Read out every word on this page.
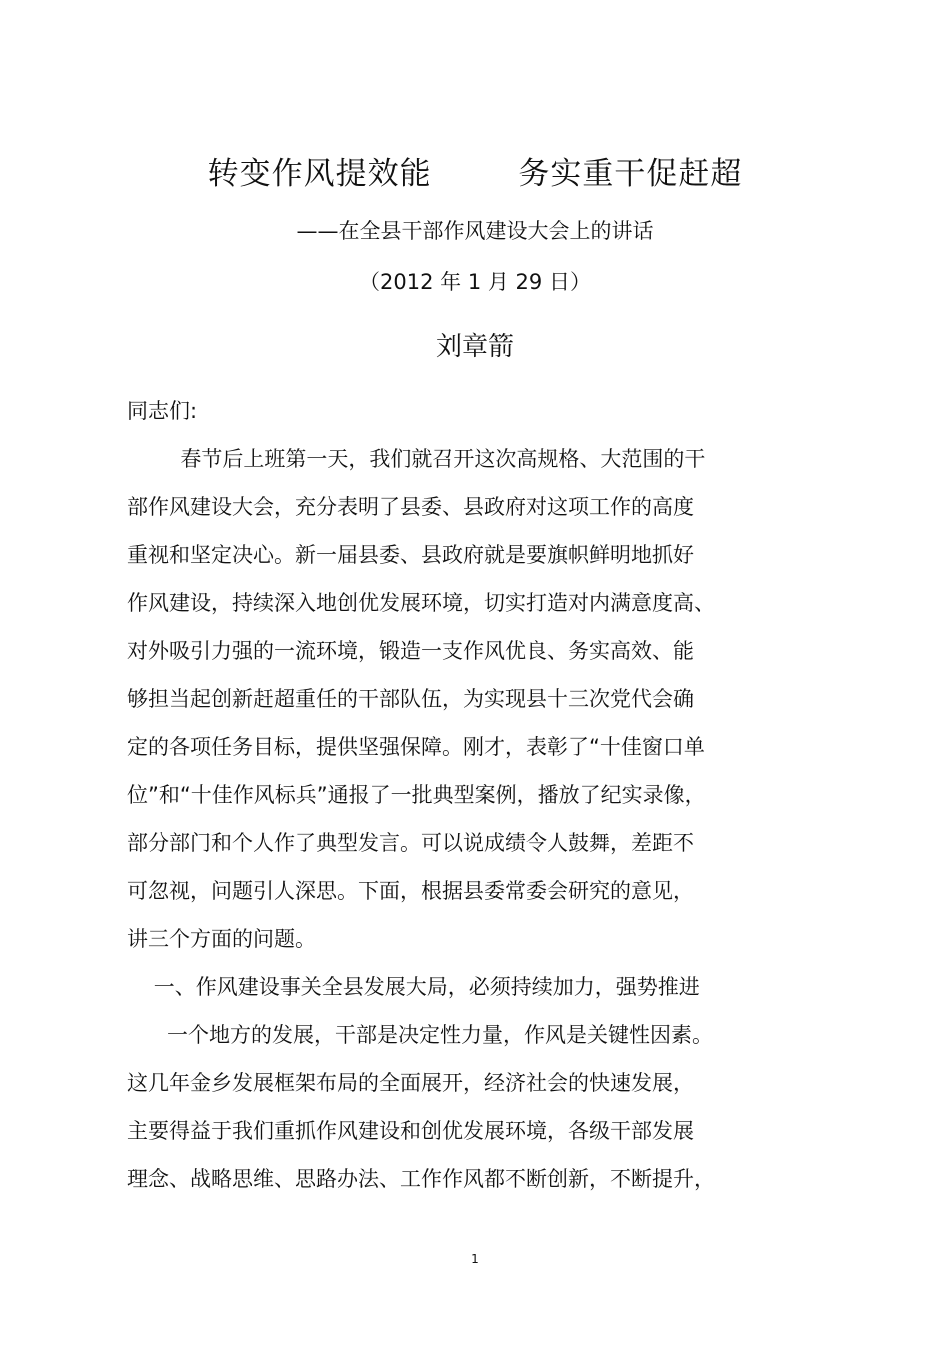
转变作风提效能        务实重干促赶超
——在全县干部作风建设大会上的讲话
（2012 年 1 月 29 日）
刘章箭
同志们:
春节后上班第一天，我们就召开这次高规格、大范围的干
部作风建设大会，充分表明了县委、县政府对这项工作的高度
重视和坚定决心。新一届县委、县政府就是要旗帜鲜明地抓好
作风建设，持续深入地创优发展环境，切实打造对内满意度高、
对外吸引力强的一流环境，锻造一支作风优良、务实高效、能
够担当起创新赶超重任的干部队伍，为实现县十三次党代会确
定的各项任务目标，提供坚强保障。刚才，表彰了“十佳窗口单
位”和“十佳作风标兵”通报了一批典型案例，播放了纪实录像，
部分部门和个人作了典型发言。可以说成绩令人鼓舞，差距不
可忽视，问题引人深思。下面，根据县委常委会研究的意见，
讲三个方面的问题。
一、作风建设事关全县发展大局，必须持续加力，强势推进
一个地方的发展，干部是决定性力量，作风是关键性因素。
这几年金乡发展框架布局的全面展开，经济社会的快速发展，
主要得益于我们重抓作风建设和创优发展环境，各级干部发展
理念、战略思维、思路办法、工作作风都不断创新，不断提升，
1
